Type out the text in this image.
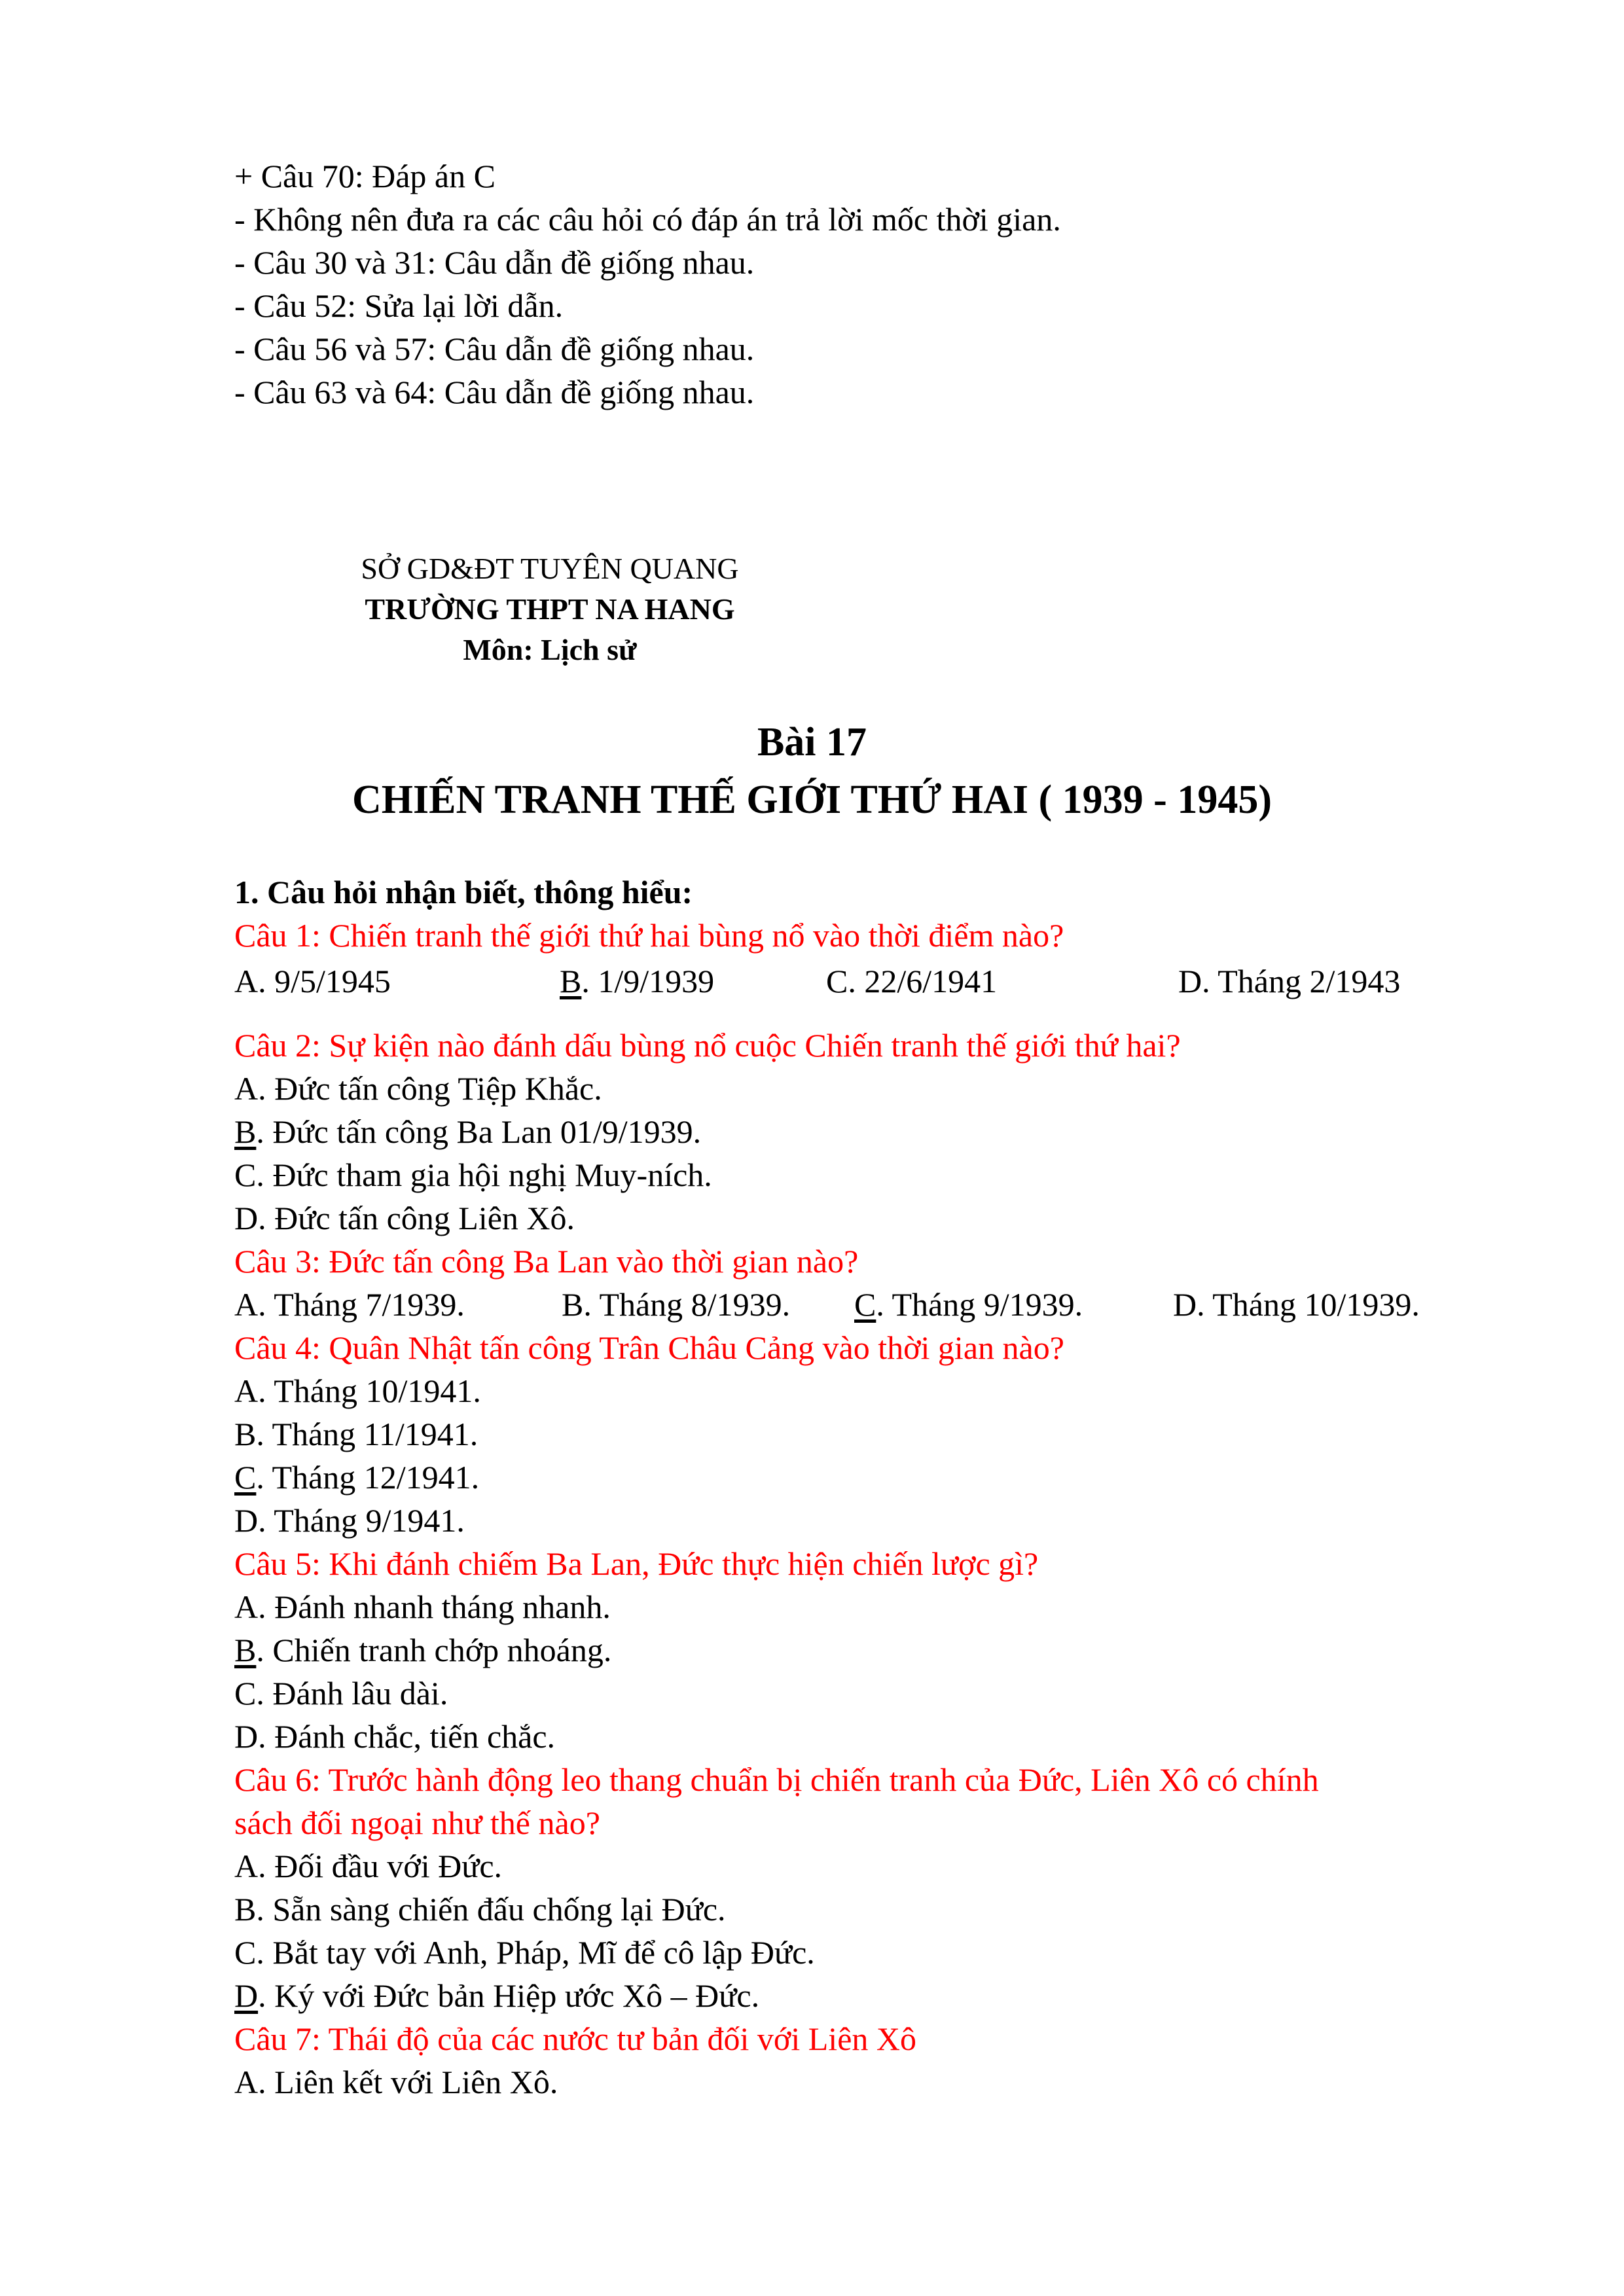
+ Câu 70: Đáp án C
- Không nên đưa ra các câu hỏi có đáp án trả lời mốc thời gian.
- Câu 30 và 31: Câu dẫn đề giống nhau.
- Câu 52: Sửa lại lời dẫn.
- Câu 56 và 57: Câu dẫn đề giống nhau.
- Câu 63 và 64: Câu dẫn đề giống nhau.
SỞ GD&ĐT TUYÊN QUANG
TRƯỜNG THPT NA HANG
Môn: Lịch sử
Bài 17
CHIẾN TRANH THẾ GIỚI THỨ HAI ( 1939 - 1945)
1. Câu hỏi nhận biết, thông hiểu:
Câu 1: Chiến tranh thế giới thứ hai bùng nổ vào thời điểm nào?
A. 9/5/1945	B. 1/9/1939	C. 22/6/1941	D. Tháng 2/1943
Câu 2: Sự kiện nào đánh dấu bùng nổ cuộc Chiến tranh thế giới thứ hai?
A. Đức tấn công Tiệp Khắc.
B. Đức tấn công Ba Lan 01/9/1939.
C. Đức tham gia hội nghị Muy-ních.
D. Đức tấn công Liên Xô.
Câu 3: Đức tấn công Ba Lan vào thời gian nào?
A. Tháng 7/1939.	B. Tháng 8/1939. C. Tháng 9/1939.	D. Tháng 10/1939.
Câu 4: Quân Nhật tấn công Trân Châu Cảng vào thời gian nào?
A. Tháng 10/1941.
B. Tháng 11/1941.
C. Tháng 12/1941.
D. Tháng 9/1941.
Câu 5: Khi đánh chiếm Ba Lan, Đức thực hiện chiến lược gì?
A. Đánh nhanh tháng nhanh.
B. Chiến tranh chớp nhoáng.
C. Đánh lâu dài.
D. Đánh chắc, tiến chắc.
Câu 6: Trước hành động leo thang chuẩn bị chiến tranh của Đức, Liên Xô có chính
sách đối ngoại như thế nào?
A. Đối đầu với Đức.
B. Sẵn sàng chiến đấu chống lại Đức.
C. Bắt tay với Anh, Pháp, Mĩ để cô lập Đức.
D. Ký với Đức bản Hiệp ước Xô – Đức.
Câu 7: Thái độ của các nước tư bản đối với Liên Xô
A. Liên kết với Liên Xô.
